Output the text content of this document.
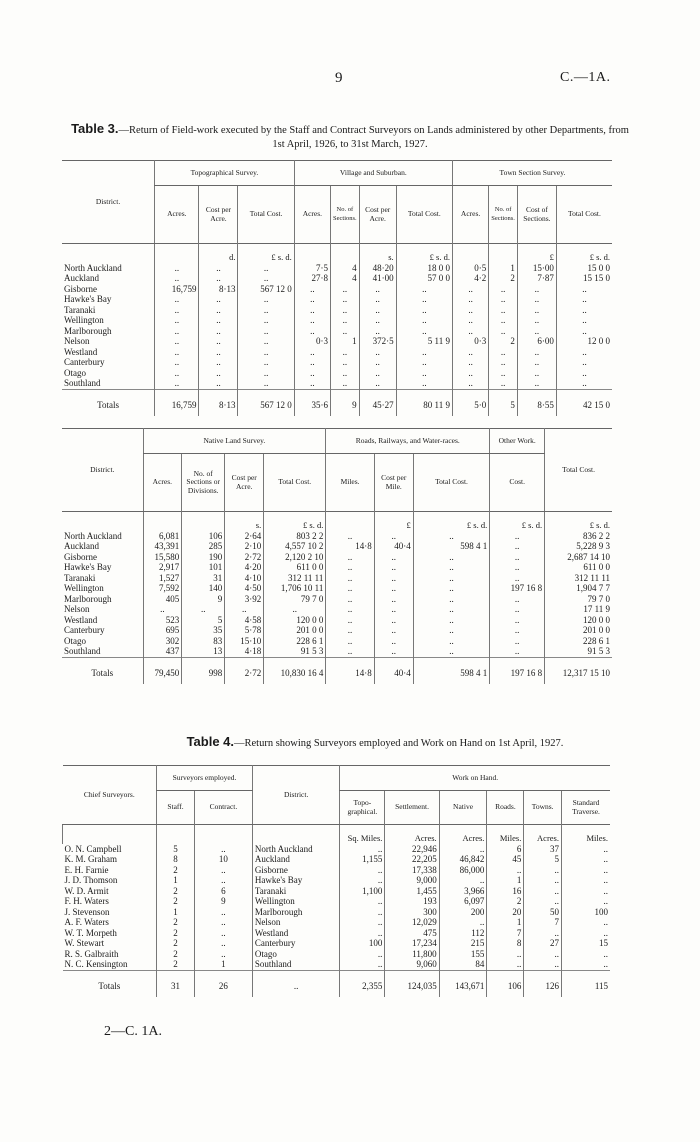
9	C.—1A.
Table 3.—Return of Field-work executed by the Staff and Contract Surveyors on Lands administered by other Departments, from 1st April, 1926, to 31st March, 1927.
District.	Topographical Survey.			Village and Suburban.				Town Section Survey.			
	Acres.	Cost per Acre.	Total Cost.	Acres.	No. of Sections.	Cost per Acre.	Total Cost.	Acres.	No. of Sections.	Cost of Sections.	Total Cost.
		d.	£ s. d.			s.	£ s. d.			£	£ s. d.
North Auckland	..	..	..	7·5	4	48·20	18 0 0	0·5	1	15·00	15 0 0
Auckland	..	..	..	27·8	4	41·00	57 0 0	4·2	2	7·87	15 15 0
Gisborne	16,759	8·13	567 12 0	..	..	..	..	..	..	..	..
Hawke's Bay	..	..	..	..	..	..	..	..	..	..	..
Taranaki	..	..	..	..	..	..	..	..	..	..	..
Wellington	..	..	..	..	..	..	..	..	..	..	..
Marlborough	..	..	..	..	..	..	..	..	..	..	..
Nelson	..	..	..	0·3	1	372·5	5 11 9	0·3	2	6·00	12 0 0
Westland	..	..	..	..	..	..	..	..	..	..	..
Canterbury	..	..	..	..	..	..	..	..	..	..	..
Otago	..	..	..	..	..	..	..	..	..	..	..
Southland	..	..	..	..	..	..	..	..	..	..	..
Totals	16,759	8·13	567 12 0	35·6	9	45·27	80 11 9	5·0	5	8·55	42 15 0
District.	Native Land Survey.				Roads, Railways, and Water-races.			Other Work.	Total Cost.
	Acres.	No. of Sections or Divisions.	Cost per Acre.	Total Cost.	Miles.	Cost per Mile.	Total Cost.	Cost.	
			s.	£ s. d.		£	£ s. d.	£ s. d.	£ s. d.
North Auckland	6,081	106	2·64	803 2 2	..	..	..	..	836 2 2
Auckland	43,391	285	2·10	4,557 10 2	14·8	40·4	598 4 1	..	5,228 9 3
Gisborne	15,580	190	2·72	2,120 2 10	..	..	..	..	2,687 14 10
Hawke's Bay	2,917	101	4·20	611 0 0	..	..	..	..	611 0 0
Taranaki	1,527	31	4·10	312 11 11	..	..	..	..	312 11 11
Wellington	7,592	140	4·50	1,706 10 11	..	..	..	197 16 8	1,904 7 7
Marlborough	405	9	3·92	79 7 0	..	..	..	..	79 7 0
Nelson	..	..	..	..	..	..	..	..	17 11 9
Westland	523	5	4·58	120 0 0	..	..	..	..	120 0 0
Canterbury	695	35	5·78	201 0 0	..	..	..	..	201 0 0
Otago	302	83	15·10	228 6 1	..	..	..	..	228 6 1
Southland	437	13	4·18	91 5 3	..	..	..	..	91 5 3
Totals	79,450	998	2·72	10,830 16 4	14·8	40·4	598 4 1	197 16 8	12,317 15 10
Table 4.—Return showing Surveyors employed and Work on Hand on 1st April, 1927.
Chief Surveyors.	Surveyors employed.		District.	Work on Hand.					
	Staff.	Contract.		Topo-graphical.	Settlement.	Native	Roads.	Towns.	Standard Traverse.
				Sq. Miles.	Acres.	Acres.	Miles.	Acres.	Miles.
O. N. Campbell	5	..	North Auckland	..	22,946	..	6	37	..
K. M. Graham	8	10	Auckland	1,155	22,205	46,842	45	5	..
E. H. Farnie	2	..	Gisborne	..	17,338	86,000	..	..	..
J. D. Thomson	1	..	Hawke's Bay	..	9,000	..	1	..	..
W. D. Armit	2	6	Taranaki	1,100	1,455	3,966	16	..	..
F. H. Waters	2	9	Wellington	..	193	6,097	2	..	..
J. Stevenson	1	..	Marlborough	..	300	200	20	50	100
A. F. Waters	2	..	Nelson	..	12,029	..	1	7	..
W. T. Morpeth	2	..	Westland	..	475	112	7	..	..
W. Stewart	2	..	Canterbury	100	17,234	215	8	27	15
R. S. Galbraith	2	..	Otago	..	11,800	155	..	..	..
N. C. Kensington	2	1	Southland	..	9,060	84	..	..	..
Totals	31	26	..	2,355	124,035	143,671	106	126	115
2—C. 1A.
